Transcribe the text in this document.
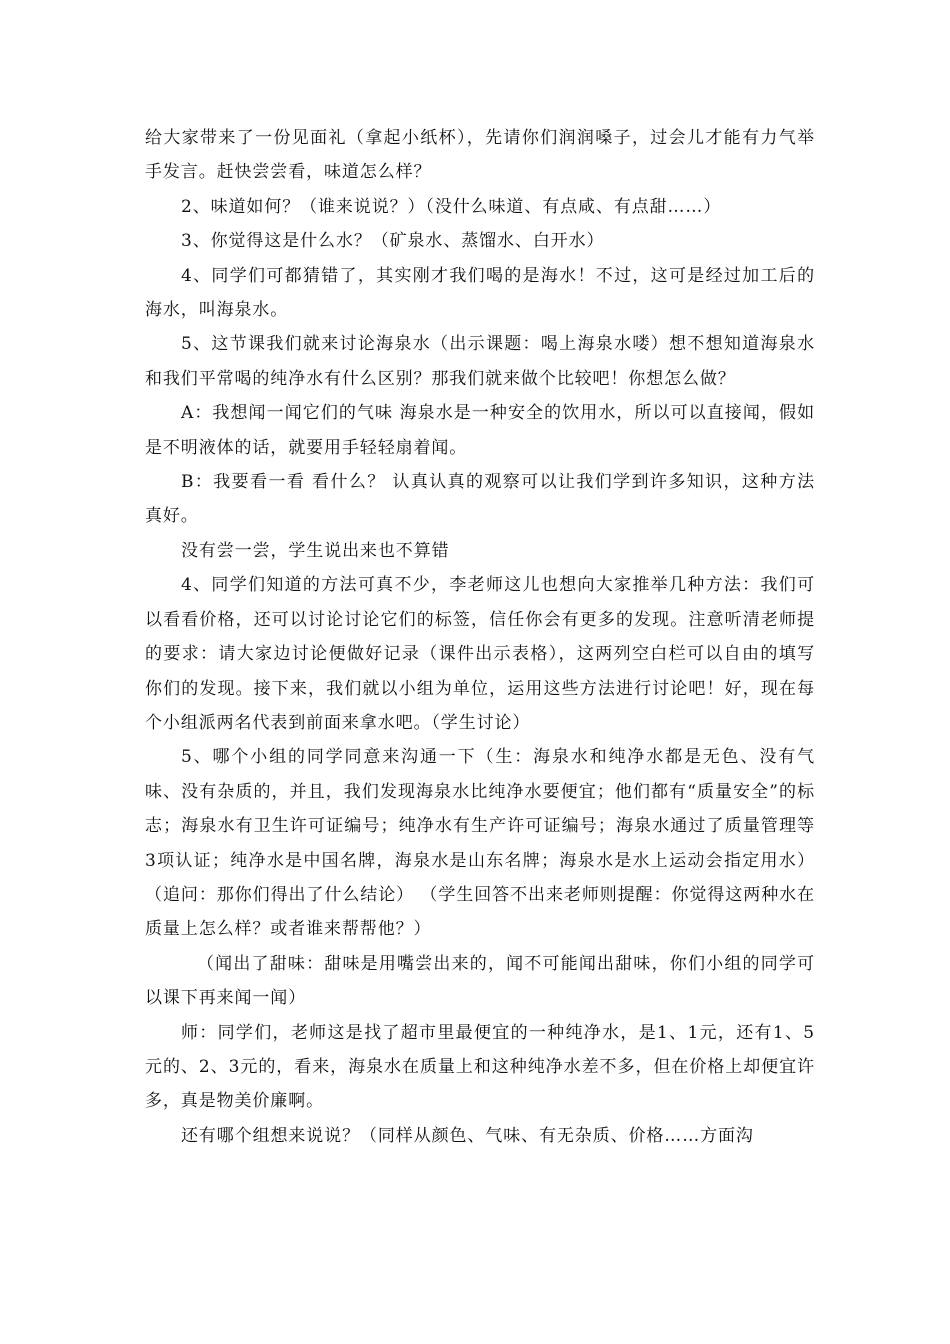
给大家带来了一份见面礼（拿起小纸杯），先请你们润润嗓子，过会儿才能有力气举手发言。赶快尝尝看，味道怎么样？

2、味道如何？（谁来说说？）（没什么味道、有点咸、有点甜……）

3、你觉得这是什么水？（矿泉水、蒸馏水、白开水）

4、同学们可都猜错了，其实刚才我们喝的是海水！不过，这可是经过加工后的海水，叫海泉水。

5、这节课我们就来讨论海泉水（出示课题：喝上海泉水喽）想不想知道海泉水和我们平常喝的纯净水有什么区别？那我们就来做个比较吧！你想怎么做？

A：我想闻一闻它们的气味 海泉水是一种安全的饮用水，所以可以直接闻，假如是不明液体的话，就要用手轻轻扇着闻。

B：我要看一看 看什么？ 认真认真的观察可以让我们学到许多知识，这种方法真好。

没有尝一尝，学生说出来也不算错

4、同学们知道的方法可真不少，李老师这儿也想向大家推举几种方法：我们可以看看价格，还可以讨论讨论它们的标签，信任你会有更多的发现。注意听清老师提的要求：请大家边讨论便做好记录（课件出示表格），这两列空白栏可以自由的填写你们的发现。接下来，我们就以小组为单位，运用这些方法进行讨论吧！好，现在每个小组派两名代表到前面来拿水吧。（学生讨论）

5、哪个小组的同学同意来沟通一下（生：海泉水和纯净水都是无色、没有气味、没有杂质的，并且，我们发现海泉水比纯净水要便宜；他们都有“质量安全”的标志；海泉水有卫生许可证编号；纯净水有生产许可证编号；海泉水通过了质量管理等3项认证；纯净水是中国名牌，海泉水是山东名牌；海泉水是水上运动会指定用水） （追问：那你们得出了什么结论） （学生回答不出来老师则提醒：你觉得这两种水在质量上怎么样？或者谁来帮帮他？）

（闻出了甜味：甜味是用嘴尝出来的，闻不可能闻出甜味，你们小组的同学可以课下再来闻一闻）

师：同学们，老师这是找了超市里最便宜的一种纯净水，是1、1元，还有1、5元的、2、3元的，看来，海泉水在质量上和这种纯净水差不多，但在价格上却便宜许多，真是物美价廉啊。

还有哪个组想来说说？（同样从颜色、气味、有无杂质、价格……方面沟
